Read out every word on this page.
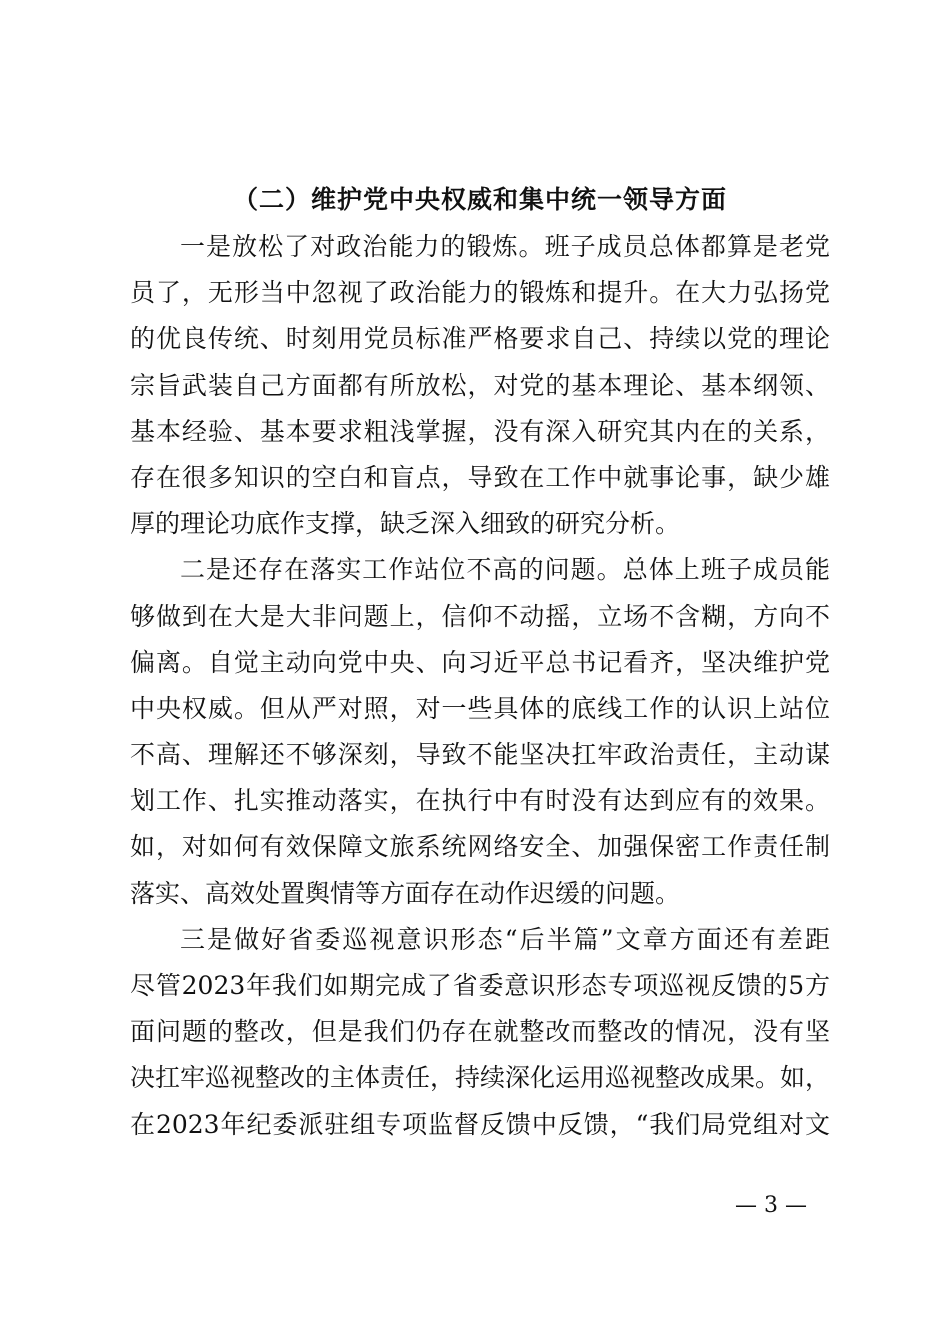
（二）维护党中央权威和集中统一领导方面
一是放松了对政治能力的锻炼。班子成员总体都算是老党
员了，无形当中忽视了政治能力的锻炼和提升。在大力弘扬党
的优良传统、时刻用党员标准严格要求自己、持续以党的理论
宗旨武装自己方面都有所放松，对党的基本理论、基本纲领、
基本经验、基本要求粗浅掌握，没有深入研究其内在的关系，
存在很多知识的空白和盲点，导致在工作中就事论事，缺少雄
厚的理论功底作支撑，缺乏深入细致的研究分析。
二是还存在落实工作站位不高的问题。总体上班子成员能
够做到在大是大非问题上，信仰不动摇，立场不含糊，方向不
偏离。自觉主动向党中央、向习近平总书记看齐，坚决维护党
中央权威。但从严对照，对一些具体的底线工作的认识上站位
不高、理解还不够深刻，导致不能坚决扛牢政治责任，主动谋
划工作、扎实推动落实，在执行中有时没有达到应有的效果。
如，对如何有效保障文旅系统网络安全、加强保密工作责任制
落实、高效处置舆情等方面存在动作迟缓的问题。
三是做好省委巡视意识形态“后半篇”文章方面还有差距
尽管2023年我们如期完成了省委意识形态专项巡视反馈的5方
面问题的整改，但是我们仍存在就整改而整改的情况，没有坚
决扛牢巡视整改的主体责任，持续深化运用巡视整改成果。如，
在2023年纪委派驻组专项监督反馈中反馈，“我们局党组对文
— 3 —
